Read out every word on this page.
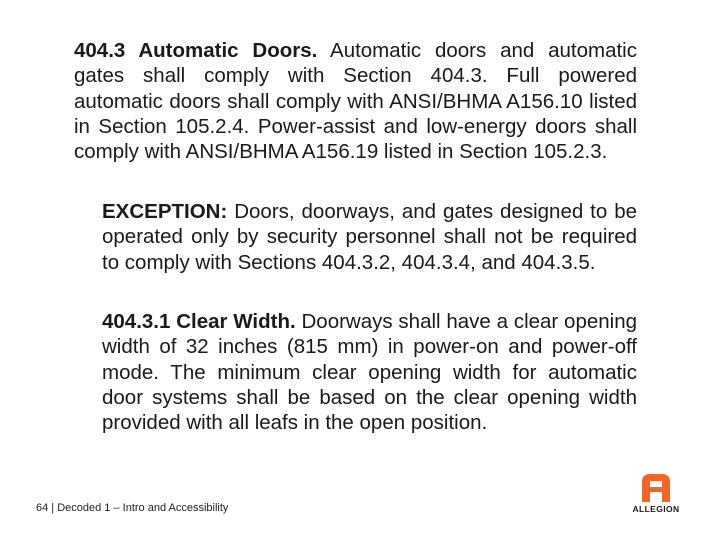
404.3 Automatic Doors. Automatic doors and automatic gates shall comply with Section 404.3. Full powered automatic doors shall comply with ANSI/BHMA A156.10 listed in Section 105.2.4. Power-assist and low-energy doors shall comply with ANSI/BHMA A156.19 listed in Section 105.2.3.

EXCEPTION: Doors, doorways, and gates designed to be operated only by security personnel shall not be required to comply with Sections 404.3.2, 404.3.4, and 404.3.5.

404.3.1 Clear Width. Doorways shall have a clear opening width of 32 inches (815 mm) in power-on and power-off mode. The minimum clear opening width for automatic door systems shall be based on the clear opening width provided with all leafs in the open position.

64 | Decoded 1 – Intro and Accessibility	ALLEGION
